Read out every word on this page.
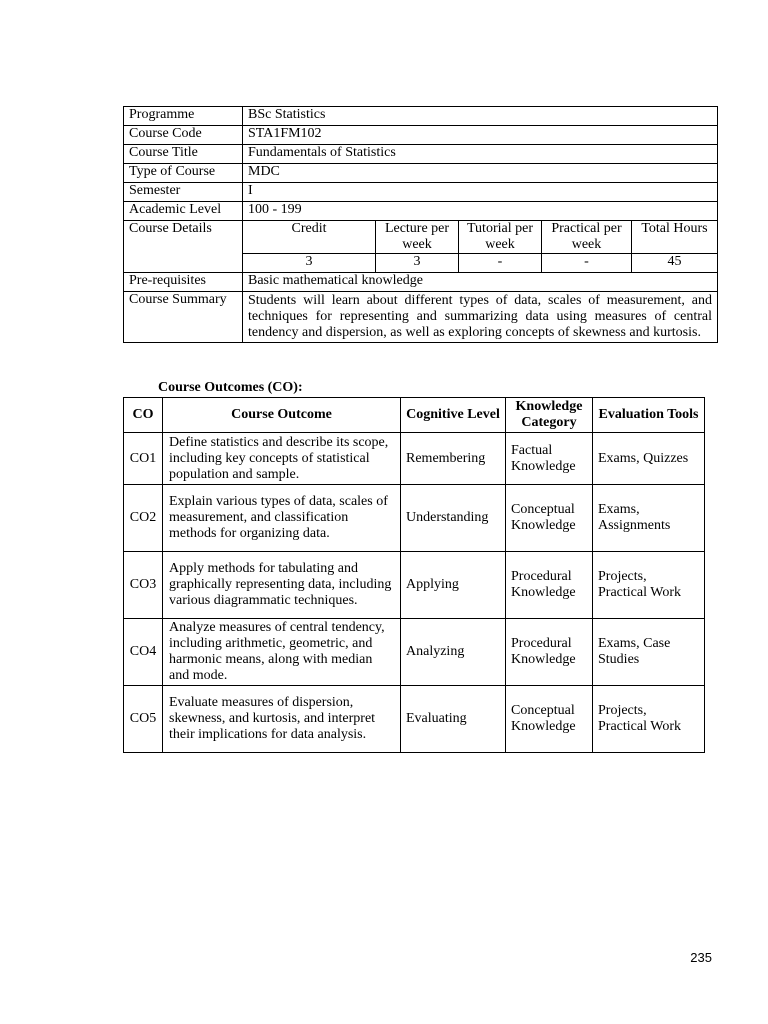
Programme	BSc Statistics				
Course Code	STA1FM102				
Course Title	Fundamentals of Statistics				
Type of Course	MDC				
Semester	I				
Academic Level	100 - 199				
Course Details	Credit	Lecture per week	Tutorial per week	Practical per week	Total Hours
	3	3	-	-	45
Pre-requisites	Basic mathematical knowledge				
Course Summary	Students will learn about different types of data, scales of measurement, and techniques for representing and summarizing data using measures of central tendency and dispersion, as well as exploring concepts of skewness and kurtosis.				
Course Outcomes (CO):
CO	Course Outcome	Cognitive Level	Knowledge Category	Evaluation Tools
CO1	Define statistics and describe its scope, including key concepts of statistical population and sample.	Remembering	Factual Knowledge	Exams, Quizzes
CO2	Explain various types of data, scales of measurement, and classification methods for organizing data.	Understanding	Conceptual Knowledge	Exams, Assignments
CO3	Apply methods for tabulating and graphically representing data, including various diagrammatic techniques.	Applying	Procedural Knowledge	Projects, Practical Work
CO4	Analyze measures of central tendency, including arithmetic, geometric, and harmonic means, along with median and mode.	Analyzing	Procedural Knowledge	Exams, Case Studies
CO5	Evaluate measures of dispersion, skewness, and kurtosis, and interpret their implications for data analysis.	Evaluating	Conceptual Knowledge	Projects, Practical Work
235
